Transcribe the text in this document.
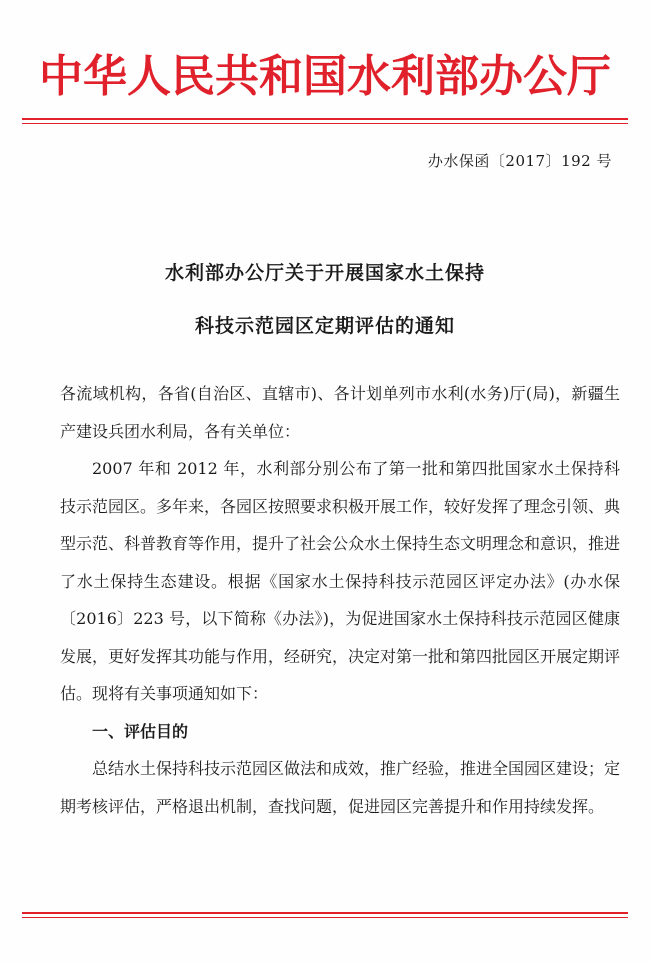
中华人民共和国水利部办公厅
办水保函〔2017〕192 号
水利部办公厅关于开展国家水土保持
科技示范园区定期评估的通知

各流域机构，各省(自治区、直辖市)、各计划单列市水利(水务)厅(局)，新疆生产建设兵团水利局，各有关单位：

2007 年和 2012 年，水利部分别公布了第一批和第四批国家水土保持科技示范园区。多年来，各园区按照要求积极开展工作，较好发挥了理念引领、典型示范、科普教育等作用，提升了社会公众水土保持生态文明理念和意识，推进了水土保持生态建设。根据《国家水土保持科技示范园区评定办法》(办水保〔2016〕223 号，以下简称《办法》)，为促进国家水土保持科技示范园区健康发展，更好发挥其功能与作用，经研究，决定对第一批和第四批园区开展定期评估。现将有关事项通知如下：

一、评估目的

总结水土保持科技示范园区做法和成效，推广经验，推进全国园区建设；定期考核评估，严格退出机制，查找问题，促进园区完善提升和作用持续发挥。
